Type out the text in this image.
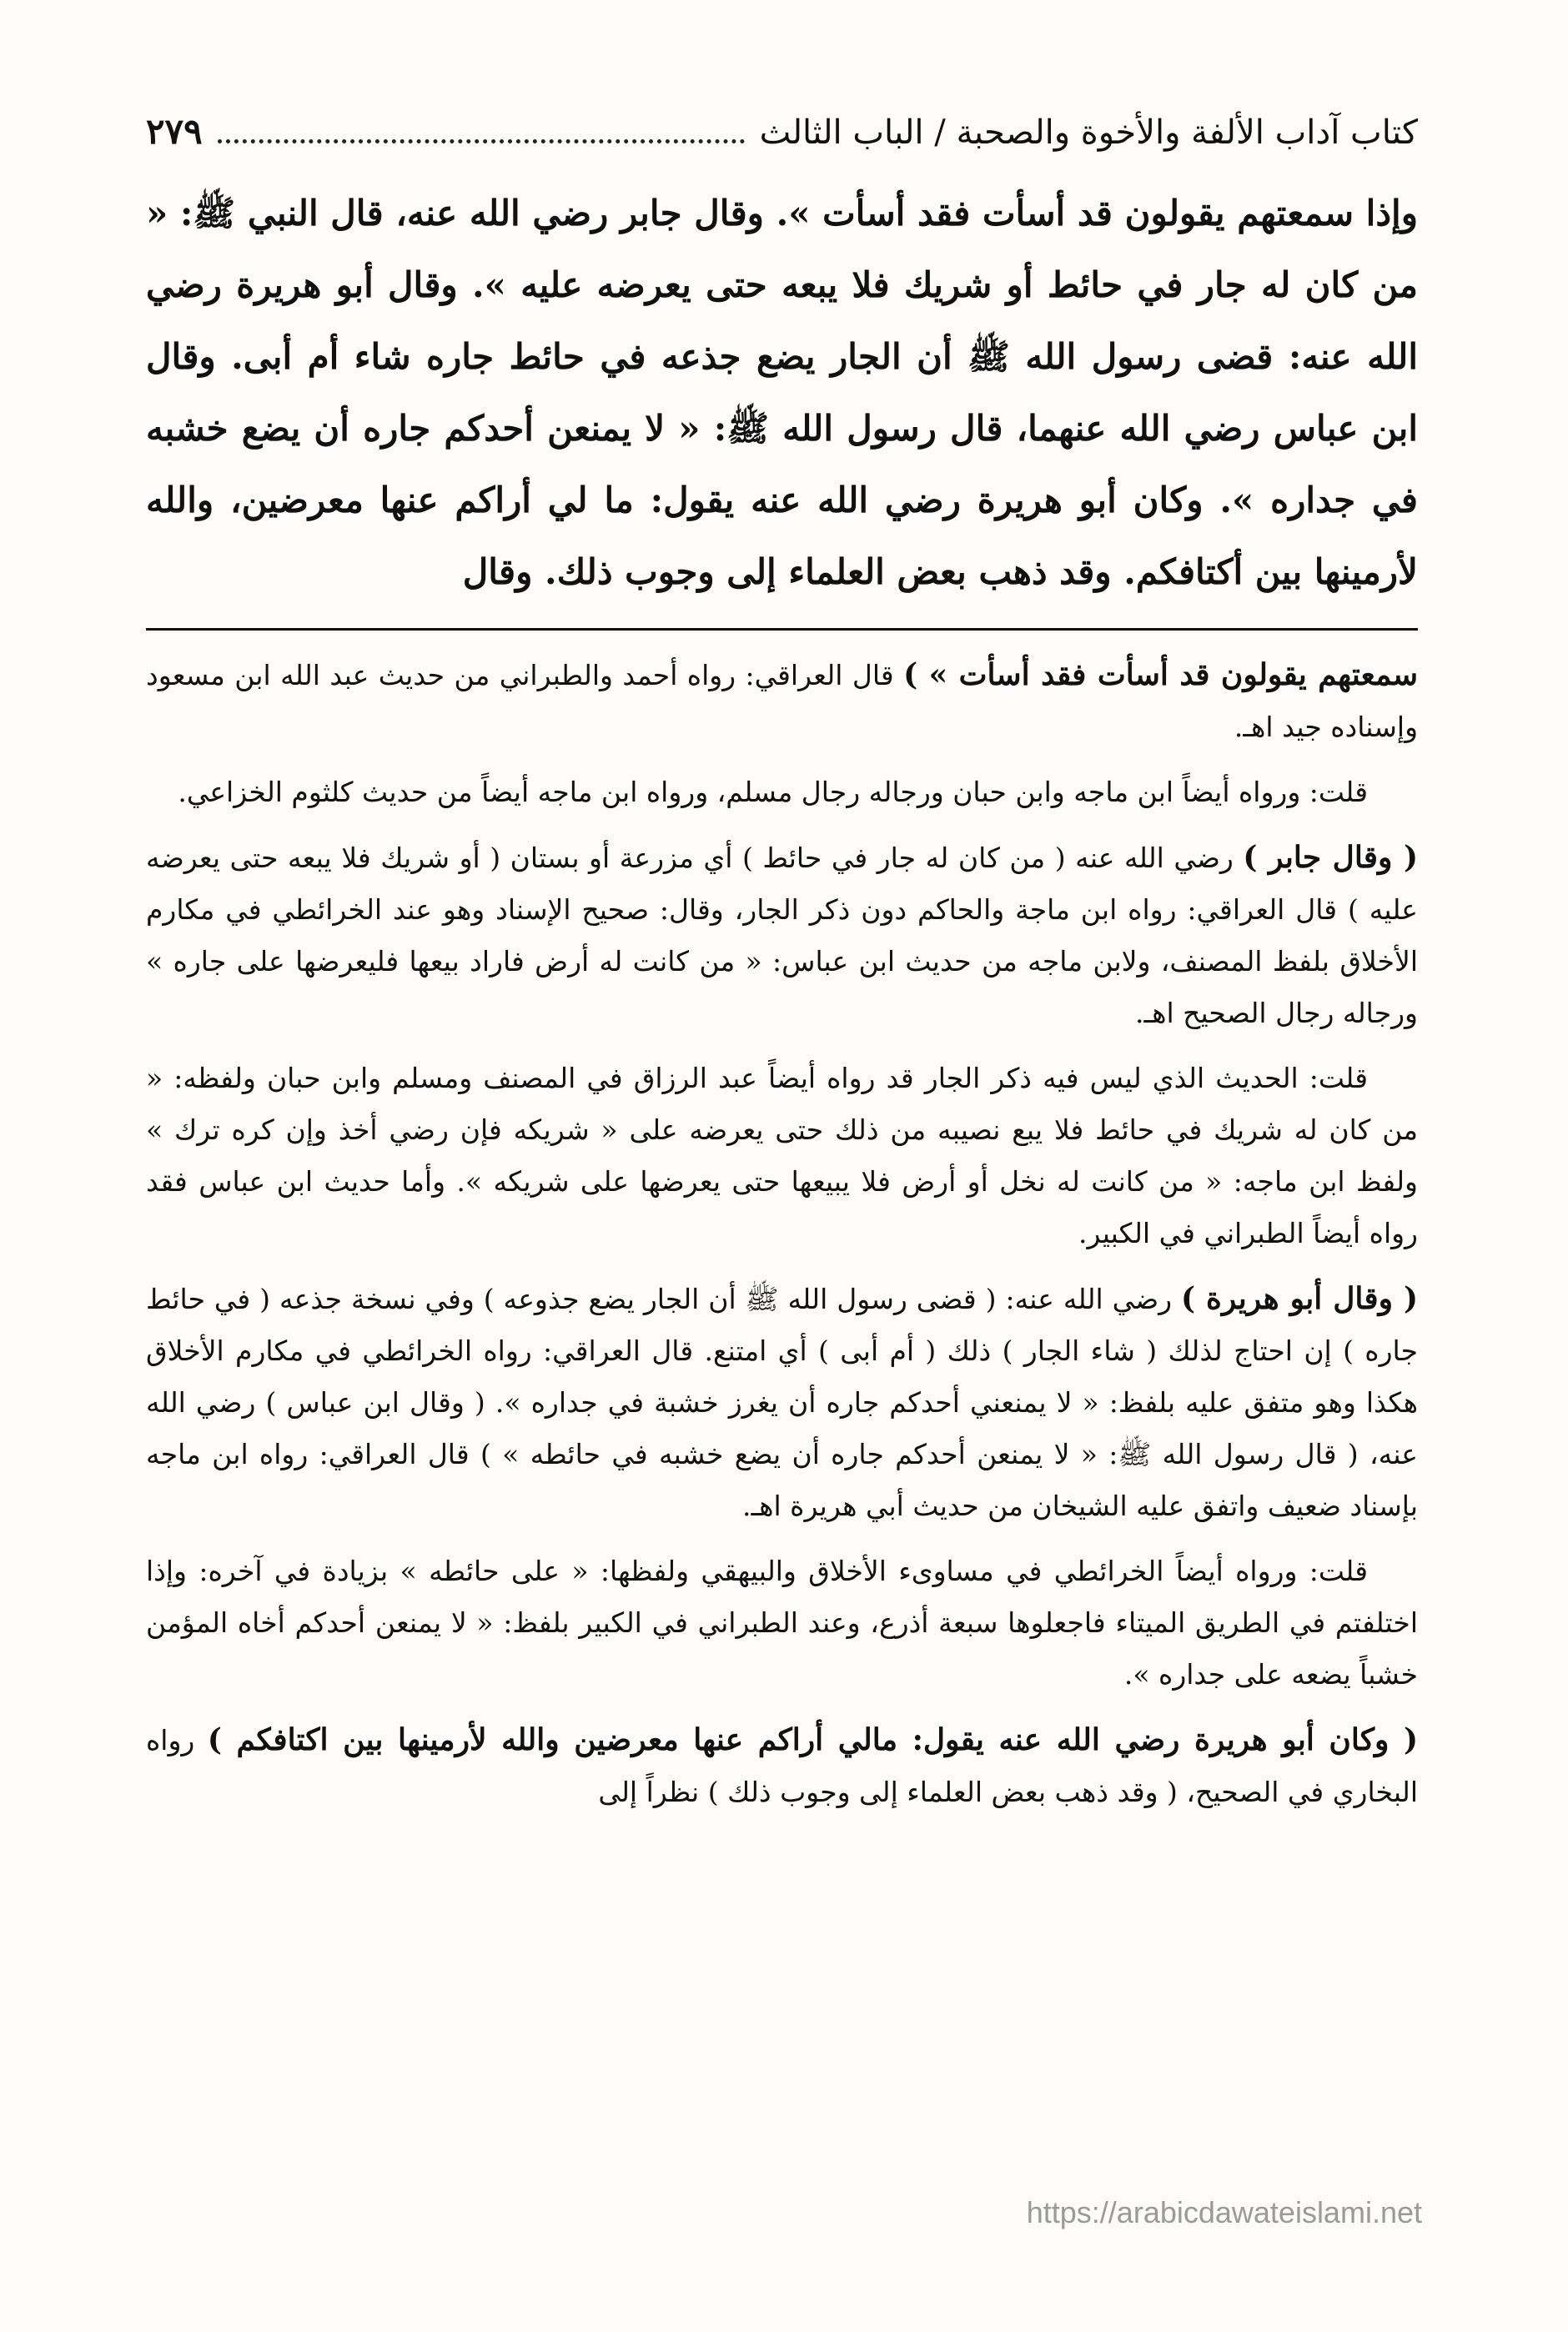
كتاب آداب الألفة والأخوة والصحبة / الباب الثالث
٢٧٩

وإذا سمعتهم يقولون قد أسأت فقد أسأت ». وقال جابر رضي الله عنه، قال النبي ﷺ: « من كان له جار في حائط أو شريك فلا يبعه حتى يعرضه عليه ». وقال أبو هريرة رضي الله عنه: قضى رسول الله ﷺ أن الجار يضع جذعه في حائط جاره شاء أم أبى. وقال ابن عباس رضي الله عنهما، قال رسول الله ﷺ: « لا يمنعن أحدكم جاره أن يضع خشبه في جداره ». وكان أبو هريرة رضي الله عنه يقول: ما لي أراكم عنها معرضين، والله لأرمينها بين أكتافكم. وقد ذهب بعض العلماء إلى وجوب ذلك. وقال

سمعتهم يقولون قد أسأت فقد أسأت » ) قال العراقي: رواه أحمد والطبراني من حديث عبد الله ابن مسعود وإسناده جيد اهـ.

قلت: ورواه أيضاً ابن ماجه وابن حبان ورجاله رجال مسلم، ورواه ابن ماجه أيضاً من حديث كلثوم الخزاعي.

( وقال جابر ) رضي الله عنه ( من كان له جار في حائط ) أي مزرعة أو بستان ( أو شريك فلا يبعه حتى يعرضه عليه ) قال العراقي: رواه ابن ماجة والحاكم دون ذكر الجار، وقال: صحيح الإسناد وهو عند الخرائطي في مكارم الأخلاق بلفظ المصنف، ولابن ماجه من حديث ابن عباس: « من كانت له أرض فاراد بيعها فليعرضها على جاره » ورجاله رجال الصحيح اهـ.

قلت: الحديث الذي ليس فيه ذكر الجار قد رواه أيضاً عبد الرزاق في المصنف ومسلم وابن حبان ولفظه: « من كان له شريك في حائط فلا يبع نصيبه من ذلك حتى يعرضه على « شريكه فإن رضي أخذ وإن كره ترك » ولفظ ابن ماجه: « من كانت له نخل أو أرض فلا يبيعها حتى يعرضها على شريكه ». وأما حديث ابن عباس فقد رواه أيضاً الطبراني في الكبير.

( وقال أبو هريرة ) رضي الله عنه: ( قضى رسول الله ﷺ أن الجار يضع جذوعه ) وفي نسخة جذعه ( في حائط جاره ) إن احتاج لذلك ( شاء الجار ) ذلك ( أم أبى ) أي امتنع. قال العراقي: رواه الخرائطي في مكارم الأخلاق هكذا وهو متفق عليه بلفظ: « لا يمنعني أحدكم جاره أن يغرز خشبة في جداره ». ( وقال ابن عباس ) رضي الله عنه، ( قال رسول الله ﷺ: « لا يمنعن أحدكم جاره أن يضع خشبه في حائطه » ) قال العراقي: رواه ابن ماجه بإسناد ضعيف واتفق عليه الشيخان من حديث أبي هريرة اهـ.

قلت: ورواه أيضاً الخرائطي في مساوىء الأخلاق والبيهقي ولفظها: « على حائطه » بزيادة في آخره: وإذا اختلفتم في الطريق الميتاء فاجعلوها سبعة أذرع، وعند الطبراني في الكبير بلفظ: « لا يمنعن أحدكم أخاه المؤمن خشباً يضعه على جداره ».

( وكان أبو هريرة رضي الله عنه يقول: مالي أراكم عنها معرضين والله لأرمينها بين اكتافكم ) رواه البخاري في الصحيح، ( وقد ذهب بعض العلماء إلى وجوب ذلك ) نظراً إلى

https://arabicdawateislami.net
